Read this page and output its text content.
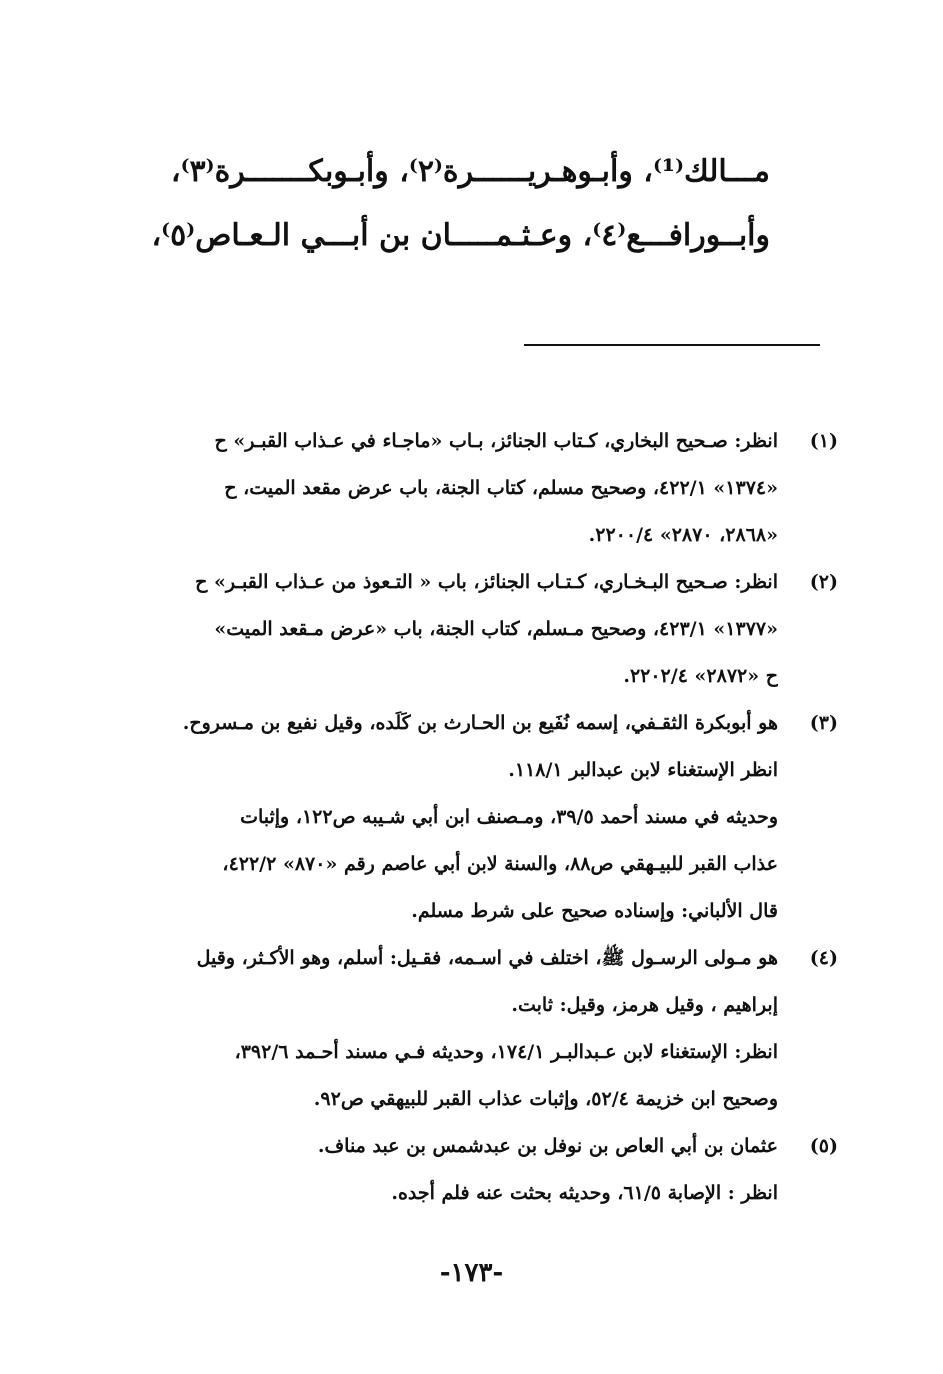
مـــالك⁽¹⁾، وأبـوهـريــــــرة⁽٢⁾، وأبـوبكـــــــرة⁽٣⁾،
وأبــورافـــع⁽٤⁾، وعـثـمـــــان بن أبـــي الـعـاص⁽٥⁾،
(١)
انظر: صـحيح البخاري، كـتاب الجنائز، بـاب «ماجـاء في عـذاب القبـر» ح
«١٣٧٤» ٤٢٢/١، وصحيح مسلم، كتاب الجنة، باب عرض مقعد الميت، ح
«٢٨٦٨، ٢٨٧٠» ٢٢٠٠/٤.
(٢)
انظر: صـحيح البـخـاري، كـتـاب الجنائز، باب « التـعوذ من عـذاب القبـر» ح
«١٣٧٧» ٤٢٣/١، وصحيح مـسلم، كتاب الجنة، باب «عرض مـقعد الميت»
ح «٢٨٧٢» ٢٢٠٢/٤.
(٣)
هو أبوبكرة الثقـفي، إسمه نُفَيع بن الحـارث بن كَلَده، وقيل نفيع بن مـسروح.
انظر الإستغناء لابن عبدالبر ١١٨/١.
وحديثه في مسند أحمد ٣٩/٥، ومـصنف ابن أبي شـيبه ص١٢٢، وإثبات
عذاب القبر للبيـهقي ص٨٨، والسنة لابن أبي عاصم رقم «٨٧٠» ٤٢٢/٢،
قال الألباني: وإسناده صحيح على شرط مسلم.
(٤)
هو مـولى الرسـول ﷺ، اختلف في اسـمه، فقـيل: أسلم، وهو الأكـثر، وقيل
إبراهيم ، وقيل هرمز، وقيل: ثابت.
انظر: الإستغناء لابن عـبدالبـر ١٧٤/١، وحديثه فـي مسند أحـمد ٣٩٢/٦،
وصحيح ابن خزيمة ٥٢/٤، وإثبات عذاب القبر للبيهقي ص٩٢.
(٥)
عثمان بن أبي العاص بن نوفل بن عبدشمس بن عبد مناف.
انظر : الإصابة ٦١/٥، وحديثه بحثت عنه فلم أجده.
-١٧٣-
